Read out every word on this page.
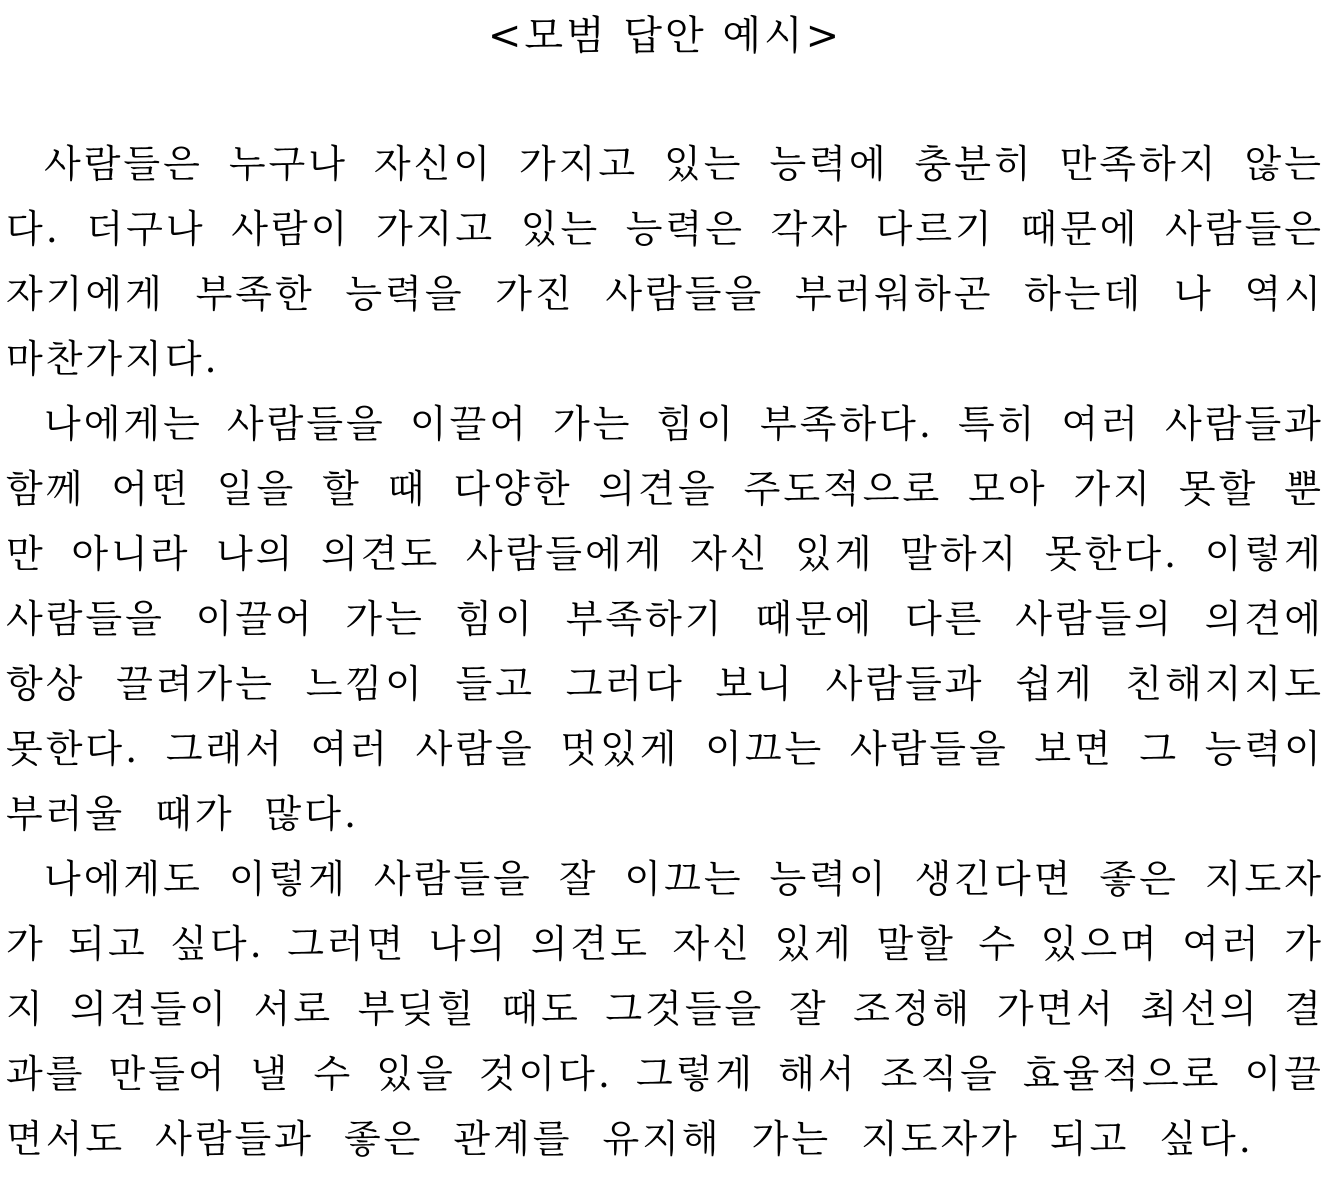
<모범 답안 예시>
사람들은 누구나 자신이 가지고 있는 능력에 충분히 만족하지 않는
다. 더구나 사람이 가지고 있는 능력은 각자 다르기 때문에 사람들은
자기에게 부족한 능력을 가진 사람들을 부러워하곤 하는데 나 역시
마찬가지다.
나에게는 사람들을 이끌어 가는 힘이 부족하다. 특히 여러 사람들과
함께 어떤 일을 할 때 다양한 의견을 주도적으로 모아 가지 못할 뿐
만 아니라 나의 의견도 사람들에게 자신 있게 말하지 못한다. 이렇게
사람들을 이끌어 가는 힘이 부족하기 때문에 다른 사람들의 의견에
항상 끌려가는 느낌이 들고 그러다 보니 사람들과 쉽게 친해지지도
못한다. 그래서 여러 사람을 멋있게 이끄는 사람들을 보면 그 능력이
부러울 때가 많다.
나에게도 이렇게 사람들을 잘 이끄는 능력이 생긴다면 좋은 지도자
가 되고 싶다. 그러면 나의 의견도 자신 있게 말할 수 있으며 여러 가
지 의견들이 서로 부딪힐 때도 그것들을 잘 조정해 가면서 최선의 결
과를 만들어 낼 수 있을 것이다. 그렇게 해서 조직을 효율적으로 이끌
면서도 사람들과 좋은 관계를 유지해 가는 지도자가 되고 싶다.
